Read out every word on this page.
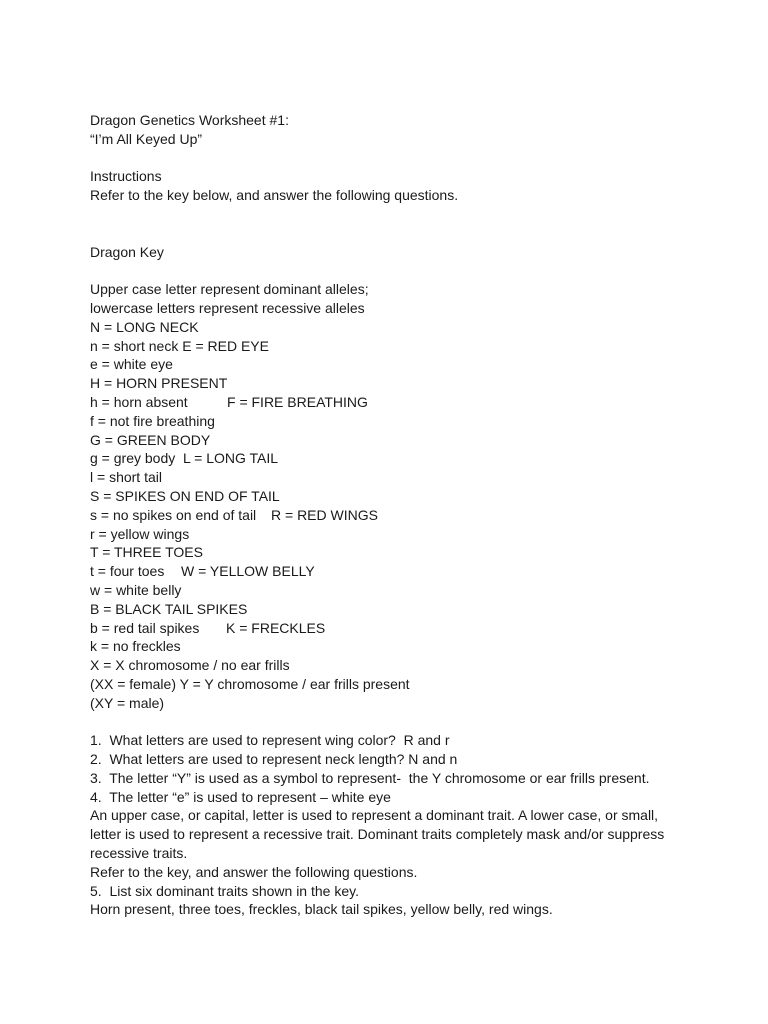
Dragon Genetics Worksheet #1:
“I’m All Keyed Up”
Instructions
Refer to the key below, and answer the following questions.
Dragon Key
Upper case letter represent dominant alleles;
lowercase letters represent recessive alleles
N = LONG NECK
n = short neck E = RED EYE
e = white eye
H = HORN PRESENT
h = horn absent	F = FIRE BREATHING
f = not fire breathing
G = GREEN BODY
g = grey body  L = LONG TAIL
l = short tail
S = SPIKES ON END OF TAIL
s = no spikes on end of tail R = RED WINGS
r = yellow wings
T = THREE TOES
t = four toes W = YELLOW BELLY
w = white belly
B = BLACK TAIL SPIKES
b = red tail spikes K = FRECKLES
k = no freckles
X = X chromosome / no ear frills
(XX = female) Y = Y chromosome / ear frills present
(XY = male)
1.  What letters are used to represent wing color?  R and r
2.  What letters are used to represent neck length? N and n
3.  The letter “Y” is used as a symbol to represent-  the Y chromosome or ear frills present.
4.  The letter “e” is used to represent – white eye
An upper case, or capital, letter is used to represent a dominant trait. A lower case, or small, letter is used to represent a recessive trait. Dominant traits completely mask and/or suppress recessive traits.
Refer to the key, and answer the following questions.
5.  List six dominant traits shown in the key.
Horn present, three toes, freckles, black tail spikes, yellow belly, red wings.
